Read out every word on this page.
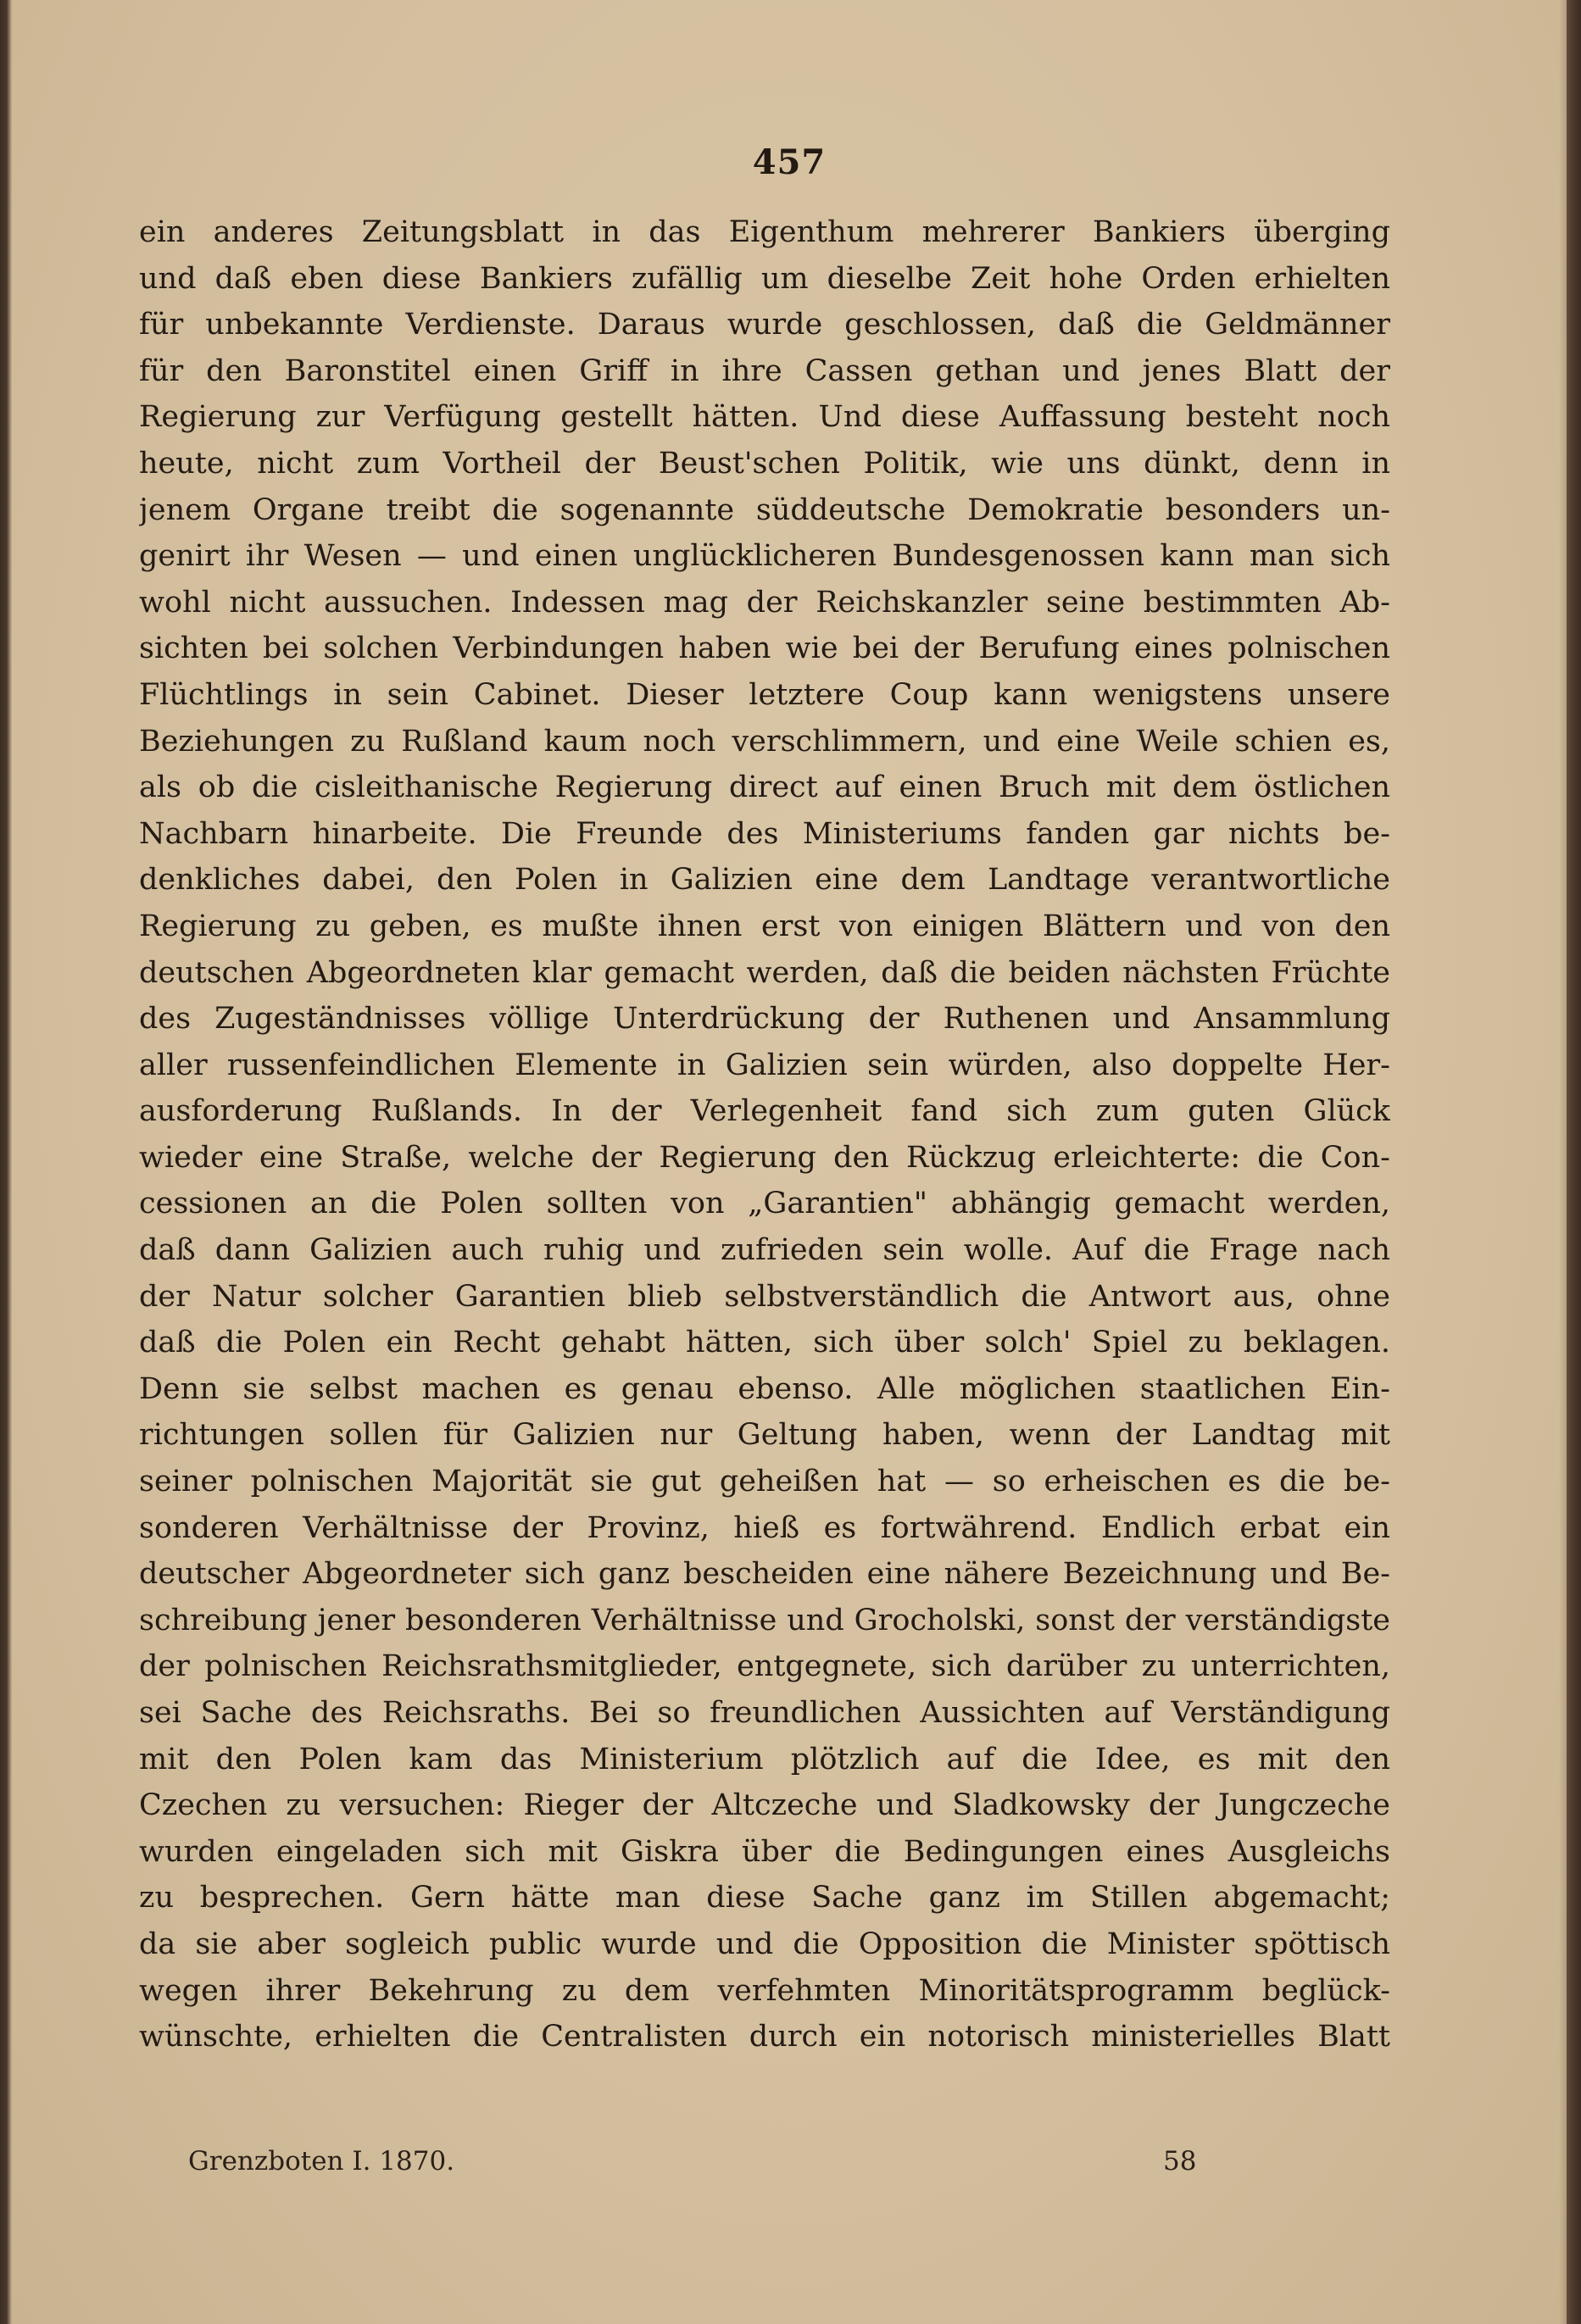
457
ein anderes Zeitungsblatt in das Eigenthum mehrerer Bankiers überging
und daß eben diese Bankiers zufällig um dieselbe Zeit hohe Orden erhielten
für unbekannte Verdienste. Daraus wurde geschlossen, daß die Geldmänner
für den Baronstitel einen Griff in ihre Cassen gethan und jenes Blatt der
Regierung zur Verfügung gestellt hätten. Und diese Auffassung besteht noch
heute, nicht zum Vortheil der Beust'schen Politik, wie uns dünkt, denn in
jenem Organe treibt die sogenannte süddeutsche Demokratie besonders un-
genirt ihr Wesen — und einen unglücklicheren Bundesgenossen kann man sich
wohl nicht aussuchen. Indessen mag der Reichskanzler seine bestimmten Ab-
sichten bei solchen Verbindungen haben wie bei der Berufung eines polnischen
Flüchtlings in sein Cabinet. Dieser letztere Coup kann wenigstens unsere
Beziehungen zu Rußland kaum noch verschlimmern, und eine Weile schien es,
als ob die cisleithanische Regierung direct auf einen Bruch mit dem östlichen
Nachbarn hinarbeite. Die Freunde des Ministeriums fanden gar nichts be-
denkliches dabei, den Polen in Galizien eine dem Landtage verantwortliche
Regierung zu geben, es mußte ihnen erst von einigen Blättern und von den
deutschen Abgeordneten klar gemacht werden, daß die beiden nächsten Früchte
des Zugeständnisses völlige Unterdrückung der Ruthenen und Ansammlung
aller russenfeindlichen Elemente in Galizien sein würden, also doppelte Her-
ausforderung Rußlands. In der Verlegenheit fand sich zum guten Glück
wieder eine Straße, welche der Regierung den Rückzug erleichterte: die Con-
cessionen an die Polen sollten von „Garantien" abhängig gemacht werden,
daß dann Galizien auch ruhig und zufrieden sein wolle. Auf die Frage nach
der Natur solcher Garantien blieb selbstverständlich die Antwort aus, ohne
daß die Polen ein Recht gehabt hätten, sich über solch' Spiel zu beklagen.
Denn sie selbst machen es genau ebenso. Alle möglichen staatlichen Ein-
richtungen sollen für Galizien nur Geltung haben, wenn der Landtag mit
seiner polnischen Majorität sie gut geheißen hat — so erheischen es die be-
sonderen Verhältnisse der Provinz, hieß es fortwährend. Endlich erbat ein
deutscher Abgeordneter sich ganz bescheiden eine nähere Bezeichnung und Be-
schreibung jener besonderen Verhältnisse und Grocholski, sonst der verständigste
der polnischen Reichsrathsmitglieder, entgegnete, sich darüber zu unterrichten,
sei Sache des Reichsraths. Bei so freundlichen Aussichten auf Verständigung
mit den Polen kam das Ministerium plötzlich auf die Idee, es mit den
Czechen zu versuchen: Rieger der Altczeche und Sladkowsky der Jungczeche
wurden eingeladen sich mit Giskra über die Bedingungen eines Ausgleichs
zu besprechen. Gern hätte man diese Sache ganz im Stillen abgemacht;
da sie aber sogleich public wurde und die Opposition die Minister spöttisch
wegen ihrer Bekehrung zu dem verfehmten Minoritätsprogramm beglück-
wünschte, erhielten die Centralisten durch ein notorisch ministerielles Blatt
Grenzboten I. 1870.	58
